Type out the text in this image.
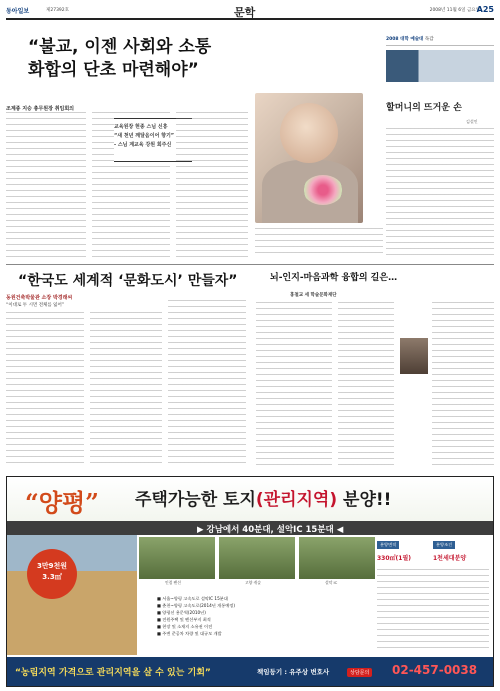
동아일보	제27392호	문학	2008년 11월 6일 금요일
A25
“불교, 이젠 사회와 소통
화합의 단초 마련해야”
조계종 지승 총무원장 취임회의
교육원장 현종 스님 신흥
“새 천년 깨달음이어 향기”
- 스님 계교육 강원 회주신
2008 대학 예술대 독감
할머니의 뜨거운 손
김설인
“한국도 세계적 ‘문화도시’ 만들자”
동원건축박물관 소장 박경래씨
“이대로 두 시면 전체를 잃어”
뇌-인지-마음과학 융합의 길은…
홍철교 세 학술문화재단
“양평” 주택가능한 토지(관리지역) 분양!!
▶ 강남에서 40분대, 설악IC 15분대 ◀
3만9천원
3.3㎡
인접 펜션	고양 캐슬	설악 IC
■ 서울~양평 고속도로 설악IC 15분대
■ 춘천~양평 고속도로(2014년 개통예정)
■ 양평선 용문역(2010년)
■ 전원주택 및 펜션부지 최적
■ 현장 및 소재지 소유권 이전
■ 주변 준공차 차량 및 대규모 개발
분양면적	분양조건
330㎡(1필)	1천세대분양
“농림지역 가격으로 관리지역을 살 수 있는 기회”	책임등기 : 유주상 변호사	상담문의 02-457-0038
